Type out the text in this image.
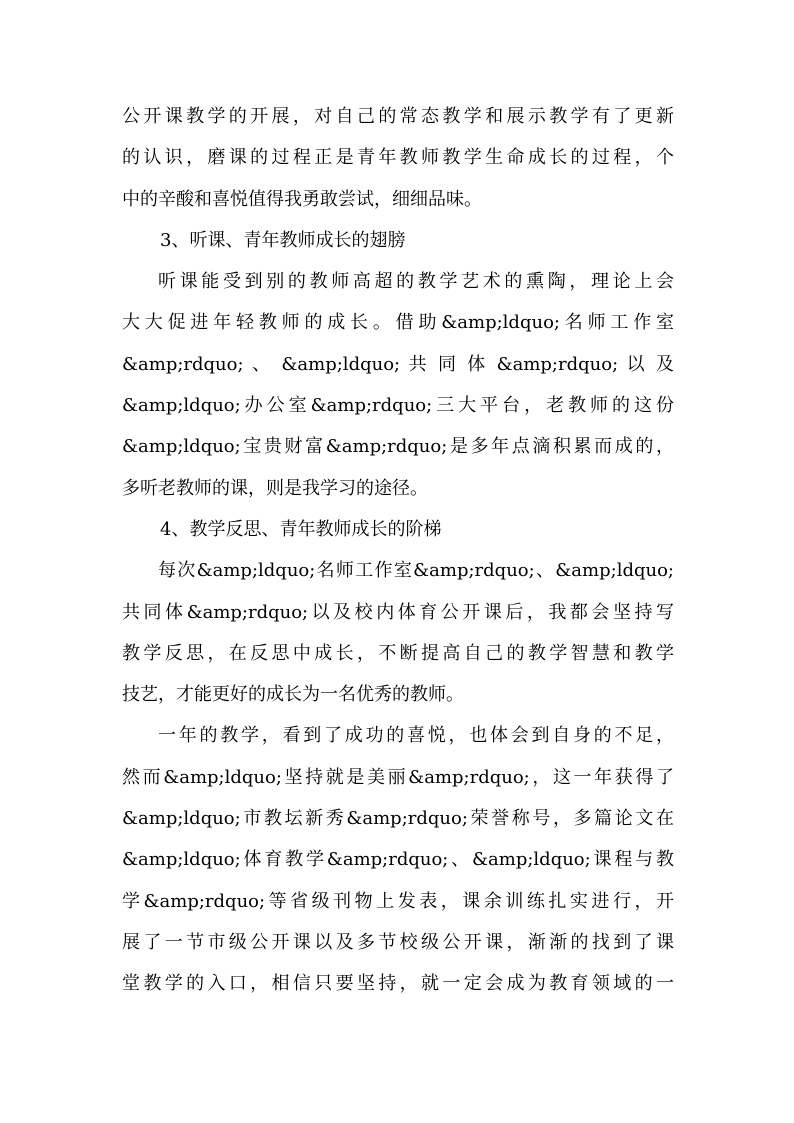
公开课教学的开展，对自己的常态教学和展示教学有了更新

的认识，磨课的过程正是青年教师教学生命成长的过程，个

中的辛酸和喜悦值得我勇敢尝试，细细品味。

3、听课、青年教师成长的翅膀

听课能受到别的教师高超的教学艺术的熏陶，理论上会

大大促进年轻教师的成长。借助&amp;ldquo;名师工作室

&amp;rdquo; 、 &amp;ldquo; 共 同 体 &amp;rdquo; 以 及

&amp;ldquo;办公室&amp;rdquo;三大平台，老教师的这份

&amp;ldquo;宝贵财富&amp;rdquo;是多年点滴积累而成的，

多听老教师的课，则是我学习的途径。

4、教学反思、青年教师成长的阶梯

每次&amp;ldquo;名师工作室&amp;rdquo;、&amp;ldquo;

共同体&amp;rdquo;以及校内体育公开课后，我都会坚持写

教学反思，在反思中成长，不断提高自己的教学智慧和教学

技艺，才能更好的成长为一名优秀的教师。

一年的教学，看到了成功的喜悦，也体会到自身的不足，

然而&amp;ldquo;坚持就是美丽&amp;rdquo;，这一年获得了

&amp;ldquo;市教坛新秀&amp;rdquo;荣誉称号，多篇论文在

&amp;ldquo;体育教学&amp;rdquo;、&amp;ldquo;课程与教

学&amp;rdquo;等省级刊物上发表，课余训练扎实进行，开

展了一节市级公开课以及多节校级公开课，渐渐的找到了课

堂教学的入口，相信只要坚持，就一定会成为教育领域的一
